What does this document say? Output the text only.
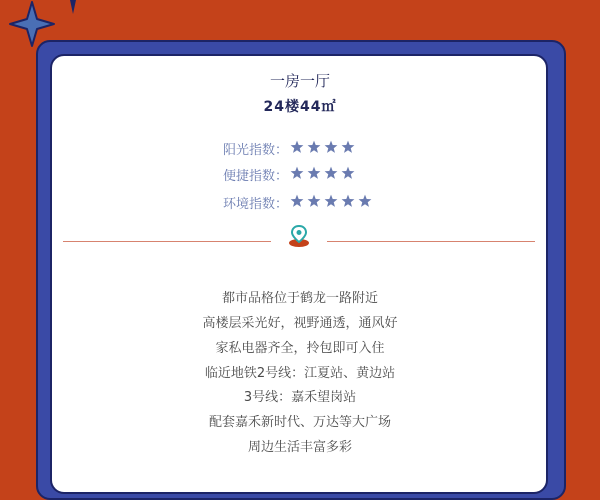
一房一厅
24楼44㎡
阳光指数：
便捷指数：
环境指数：
都市品格位于鹤龙一路附近
高楼层采光好，视野通透，通风好
家私电器齐全，拎包即可入住
临近地铁2号线：江夏站、黄边站
3号线：嘉禾望岗站
配套嘉禾新时代、万达等大广场
周边生活丰富多彩
